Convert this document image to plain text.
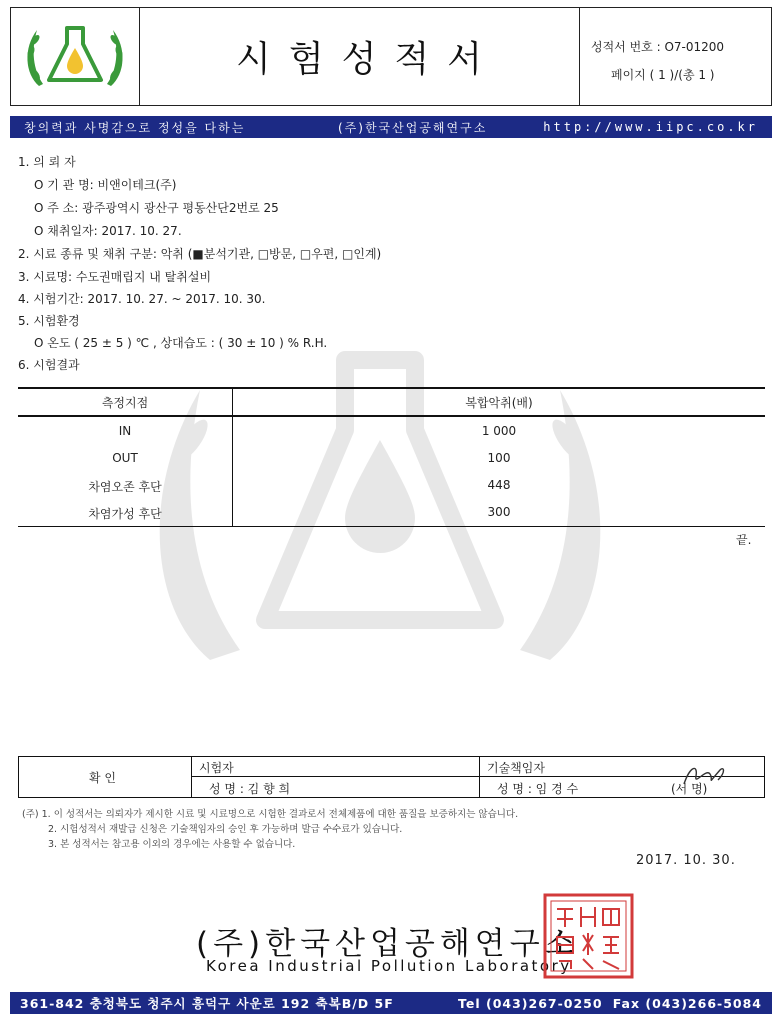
시험성적서	성적서 번호 : O7-01200
페이지 ( 1 )/(총 1 )
창의력과 사명감으로 정성을 다하는	(주)한국산업공해연구소	http://www.iipc.co.kr
1. 의 뢰 자
O 기 관 명: 비앤이테크(주)
O 주 소: 광주광역시 광산구 평동산단2번로 25
O 채취일자: 2017. 10. 27.
2. 시료 종류 및 채취 구분: 악취 (■분석기관, □방문, □우편, □인계)
3. 시료명: 수도권매립지 내 탈취설비
4. 시험기간: 2017. 10. 27. ~ 2017. 10. 30.
5. 시험환경
O 온도 ( 25 ± 5 ) ℃ , 상대습도 : ( 30 ± 10 ) % R.H.
6. 시험결과
측정지점	복합악취(배)
IN	1 000
OUT	100
차염오존 후단	448
차염가성 후단	300
끝.
확 인
시험자
성 명 : 김 향 희
기술책임자
성 명 : 임 경 수	(서 명)
(주) 1. 이 성적서는 의뢰자가 제시한 시료 및 시료명으로 시험한 결과로서 전체제품에 대한 품질을 보증하지는 않습니다.
2. 시험성적서 재발급 신청은 기술책임자의 승인 후 가능하며 발급 수수료가 있습니다.
3. 본 성적서는 참고용 이외의 경우에는 사용할 수 없습니다.
2017. 10. 30.
(주)한국산업공해연구소
Korea Industrial Pollution Laboratory
361-842 충청북도 청주시 흥덕구 사운로 192 축복B/D 5F	Tel (043)267-0250 Fax (043)266-5084
